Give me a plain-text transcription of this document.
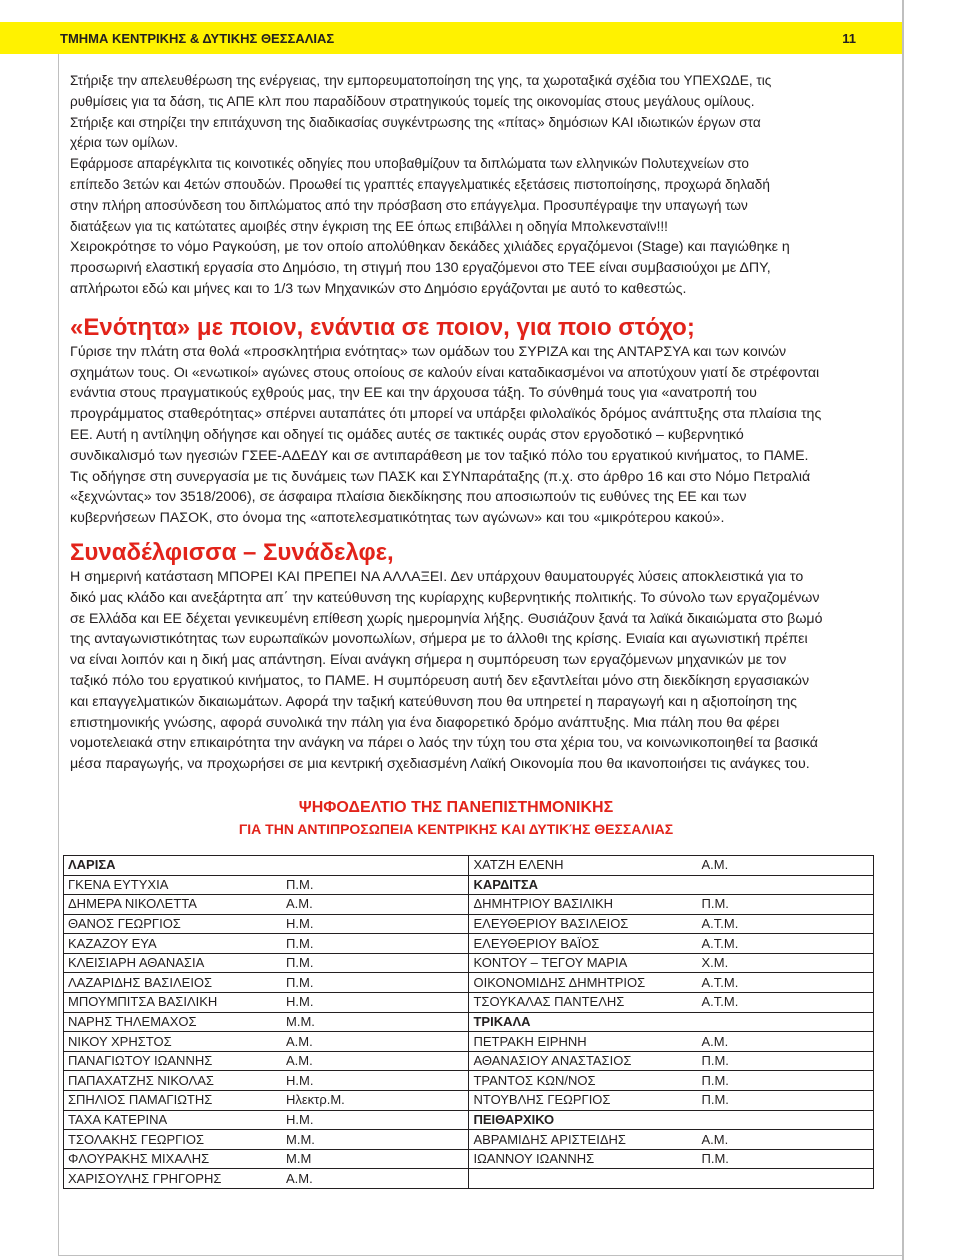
ΤΜΗΜΑ ΚΕΝΤΡΙΚΗΣ & ΔΥΤΙΚΗΣ ΘΕΣΣΑΛΙΑΣ	11

Στήριξε την απελευθέρωση της ενέργειας, την εμπορευματοποίηση της γης, τα χωροταξικά σχέδια του ΥΠΕΧΩΔΕ, τις

ρυθμίσεις για τα δάση, τις ΑΠΕ κλπ που παραδίδουν στρατηγικούς τομείς της οικονομίας στους μεγάλους ομίλους.

Στήριξε και στηρίζει την επιτάχυνση της διαδικασίας συγκέντρωσης της «πίτας» δημόσιων ΚΑΙ ιδιωτικών έργων στα

χέρια των ομίλων.

Εφάρμοσε απαρέγκλιτα τις κοινοτικές οδηγίες που υποβαθμίζουν τα διπλώματα των ελληνικών Πολυτεχνείων στο

επίπεδο 3ετών και 4ετών σπουδών. Προωθεί τις γραπτές επαγγελματικές εξετάσεις πιστοποίησης, προχωρά δηλαδή

στην πλήρη αποσύνδεση του διπλώματος από την πρόσβαση στο επάγγελμα. Προσυπέγραψε την υπαγωγή των

διατάξεων για τις κατώτατες αμοιβές στην έγκριση της ΕΕ όπως επιβάλλει η οδηγία Μπολκενσταϊν!!!

Χειροκρότησε το νόμο Ραγκούση, με τον οποίο απολύθηκαν δεκάδες χιλιάδες εργαζόμενοι (Stage) και παγιώθηκε η

προσωρινή ελαστική εργασία στο Δημόσιο, τη στιγμή που 130 εργαζόμενοι στο ΤΕΕ είναι συμβασιούχοι με ΔΠΥ,

απλήρωτοι εδώ και μήνες και το 1/3 των Μηχανικών στο Δημόσιο εργάζονται με αυτό το καθεστώς.

«Ενότητα» με ποιον, ενάντια σε ποιον, για ποιο στόχο;

Γύρισε την πλάτη στα θολά «προσκλητήρια ενότητας» των ομάδων του ΣΥΡΙΖΑ και της ΑΝΤΑΡΣΥΑ και των κοινών

σχημάτων τους. Οι «ενωτικοί» αγώνες στους οποίους σε καλούν είναι καταδικασμένοι να αποτύχουν γιατί δε στρέφονται

ενάντια στους πραγματικούς εχθρούς μας, την ΕΕ και την άρχουσα τάξη. Το σύνθημά τους για «ανατροπή του

προγράμματος σταθερότητας» σπέρνει αυταπάτες ότι μπορεί να υπάρξει φιλολαϊκός δρόμος ανάπτυξης στα πλαίσια της

ΕΕ. Αυτή η αντίληψη οδήγησε και οδηγεί τις ομάδες αυτές σε τακτικές ουράς στον εργοδοτικό – κυβερνητικό

συνδικαλισμό των ηγεσιών ΓΣΕΕ-ΑΔΕΔΥ και σε αντιπαράθεση με τον ταξικό πόλο του εργατικού κινήματος, το ΠΑΜΕ.

Τις οδήγησε στη συνεργασία με τις δυνάμεις των ΠΑΣΚ και ΣΥΝπαράταξης (π.χ. στο άρθρο 16 και στο Νόμο Πετραλιά

«ξεχνώντας» τον 3518/2006), σε άσφαιρα πλαίσια διεκδίκησης που αποσιωπούν τις ευθύνες της ΕΕ και των

κυβερνήσεων ΠΑΣΟΚ, στο όνομα της «αποτελεσματικότητας των αγώνων» και του «μικρότερου κακού».

Συναδέλφισσα – Συνάδελφε,

Η σημερινή κατάσταση ΜΠΟΡΕΙ ΚΑΙ ΠΡΕΠΕΙ ΝΑ ΑΛΛΑΞΕΙ. Δεν υπάρχουν θαυματουργές λύσεις αποκλειστικά για το

δικό μας κλάδο και ανεξάρτητα απ΄ την κατεύθυνση της κυρίαρχης κυβερνητικής πολιτικής. Το σύνολο των εργαζομένων

σε Ελλάδα και ΕΕ δέχεται γενικευμένη επίθεση χωρίς ημερομηνία λήξης. Θυσιάζουν ξανά τα λαϊκά δικαιώματα στο βωμό

της ανταγωνιστικότητας των ευρωπαϊκών μονοπωλίων, σήμερα με το άλλοθι της κρίσης. Ενιαία και αγωνιστική πρέπει

να είναι λοιπόν και η δική μας απάντηση. Είναι ανάγκη σήμερα η συμπόρευση των εργαζόμενων μηχανικών με τον

ταξικό πόλο του εργατικού κινήματος, το ΠΑΜΕ. Η συμπόρευση αυτή δεν εξαντλείται μόνο στη διεκδίκηση εργασιακών

και επαγγελματικών δικαιωμάτων. Αφορά την ταξική κατεύθυνση που θα υπηρετεί η παραγωγή και η αξιοποίηση της

επιστημονικής γνώσης, αφορά συνολικά την πάλη για ένα διαφορετικό δρόμο ανάπτυξης. Μια πάλη που θα φέρει

νομοτελειακά στην επικαιρότητα την ανάγκη να πάρει ο λαός την τύχη του στα χέρια του, να κοινωνικοποιηθεί τα βασικά

μέσα παραγωγής, να προχωρήσει σε μια κεντρική σχεδιασμένη Λαϊκή Οικονομία που θα ικανοποιήσει τις ανάγκες του.

ΨΗΦΟΔΕΛΤΙΟ ΤΗΣ ΠΑΝΕΠΙΣΤΗΜΟΝΙΚΗΣ

ΓΙΑ ΤΗΝ ΑΝΤΙΠΡΟΣΩΠΕΙΑ ΚΕΝΤΡΙΚΗΣ ΚΑΙ ΔΥΤΙΚΉΣ ΘΕΣΣΑΛΙΑΣ

ΛΑΡΙΣΑ	ΧΑΤΖΗ ΕΛΕΝΗ Α.Μ.

ΓΚΕΝΑ ΕΥΤΥΧΙΑ Π.Μ.	ΚΑΡΔΙΤΣΑ

ΔΗΜΕΡΑ ΝΙΚΟΛΕΤΤΑ Α.Μ.	ΔΗΜΗΤΡΙΟΥ ΒΑΣΙΛΙΚΗ Π.Μ.

ΘΑΝΟΣ ΓΕΩΡΓΙΟΣ Η.Μ.	ΕΛΕΥΘΕΡΙΟΥ ΒΑΣΙΛΕΙΟΣ Α.Τ.Μ.

ΚΑΖΑΖΟΥ ΕΥΑ Π.Μ.	ΕΛΕΥΘΕΡΙΟΥ ΒΑΪΟΣ Α.Τ.Μ.

ΚΛΕΙΣΙΑΡΗ ΑΘΑΝΑΣΙΑ Π.Μ.	ΚΟΝΤΟΥ – ΤΕΓΟΥ ΜΑΡΙΑ Χ.Μ.

ΛΑΖΑΡΙΔΗΣ ΒΑΣΙΛΕΙΟΣ Π.Μ.	ΟΙΚΟΝΟΜΙΔΗΣ ΔΗΜΗΤΡΙΟΣ Α.Τ.Μ.

ΜΠΟΥΜΠΙΤΣΑ ΒΑΣΙΛΙΚΗ Η.Μ.	ΤΣΟΥΚΑΛΑΣ ΠΑΝΤΕΛΗΣ Α.Τ.Μ.

ΝΑΡΗΣ ΤΗΛΕΜΑΧΟΣ Μ.Μ.	ΤΡΙΚΑΛΑ

ΝΙΚΟΥ ΧΡΗΣΤΟΣ Α.Μ.	ΠΕΤΡΑΚΗ ΕΙΡΗΝΗ Α.Μ.

ΠΑΝΑΓΙΩΤΟΥ ΙΩΑΝΝΗΣ Α.Μ.	ΑΘΑΝΑΣΙΟΥ ΑΝΑΣΤΑΣΙΟΣ Π.Μ.

ΠΑΠΑΧΑΤΖΗΣ ΝΙΚΟΛΑΣ Η.Μ.	ΤΡΑΝΤΟΣ ΚΩΝ/ΝΟΣ Π.Μ.

ΣΠΗΛΙΟΣ ΠΑΜΑΓΙΩΤΗΣ Ηλεκτρ.Μ.	ΝΤΟΥΒΛΗΣ ΓΕΩΡΓΙΟΣ Π.Μ.

ΤΑΧΑ ΚΑΤΕΡΙΝΑ Η.Μ.	ΠΕΙΘΑΡΧΙΚΟ

ΤΣΟΛΑΚΗΣ ΓΕΩΡΓΙΟΣ Μ.Μ.	ΑΒΡΑΜΙΔΗΣ ΑΡΙΣΤΕΙΔΗΣ Α.Μ.

ΦΛΟΥΡΑΚΗΣ ΜΙΧΑΛΗΣ Μ.Μ	ΙΩΑΝΝΟΥ ΙΩΑΝΝΗΣ Π.Μ.

ΧΑΡΙΣΟΥΛΗΣ ΓΡΗΓΟΡΗΣ Α.Μ.	
